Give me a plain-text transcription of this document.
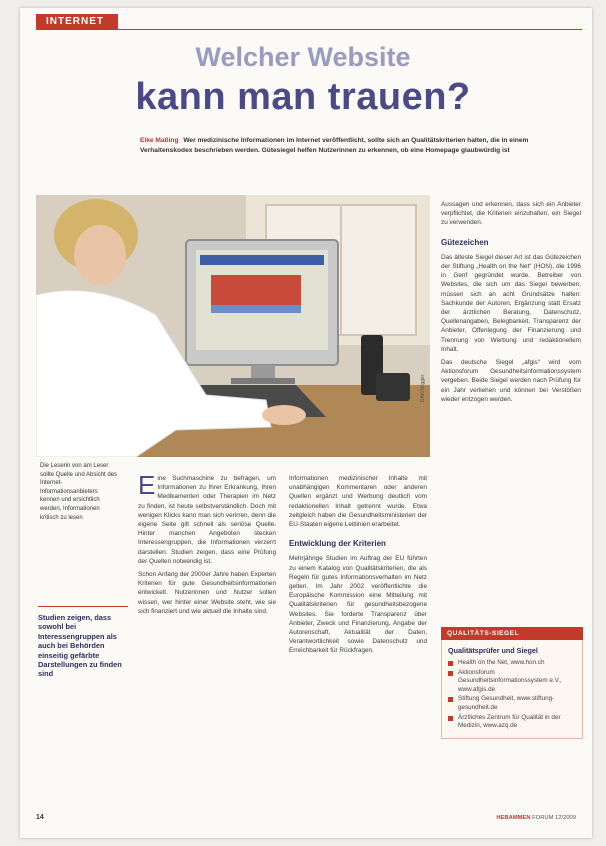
INTERNET
Welcher Website
kann man trauen?
Elke Maßing Wer medizinische Informationen im Internet veröffentlicht, sollte sich an Qualitätskriterien halten, die in einem Verhaltenskodex beschrieben werden. Gütesiegel helfen Nutzerinnen zu erkennen, ob eine Homepage glaubwürdig ist
DAK/Wigger
Die Leserin von am Leser sollte Quelle und Absicht des Internet-Informationsanbieters kennen und ersichtlich werden, Informationen kritisch zu lesen
Studien zeigen, dass sowohl bei Interessengruppen als auch bei Behörden einseitig gefärbte Darstellungen zu finden sind

E ine Suchmaschine zu befragen, um Informationen zu Ihrer Erkrankung, Ihren Medikamenten oder Therapien im Netz zu finden, ist heute selbstverständlich. Doch mit wenigen Klicks kann man sich verirren, denn die eigene Seite gilt schnell als seriöse Quelle. Hinter manchen Angeboten stecken Interessengruppen, die Informationen verzerrt darstellen. Studien zeigen, dass eine Prüfung der Quellen notwendig ist.

Schon Anfang der 2000er Jahre haben Experten Kriterien für gute Gesundheitsinformationen entwickelt. Nutzerinnen und Nutzer sollen wissen, wer hinter einer Website steht, wie sie sich finanziert und wie aktuell die Inhalte sind.

Informationen medizinischer Inhalte mit unabhängigen Kommentaren oder anderen Quellen ergänzt und Werbung deutlich vom redaktionellen Inhalt getrennt wurde. Etwa zeitgleich haben die Gesundheitsministerien der EU-Staaten eigene Leitlinien erarbeitet.

Entwicklung der Kriterien

Mehrjährige Studien im Auftrag der EU führten zu einem Katalog von Qualitätskriterien, die als Regeln für gutes Informationsverhalten im Netz gelten. Im Jahr 2002 veröffentlichte die Europäische Kommission eine Mitteilung mit Qualitätskriterien für gesundheitsbezogene Websites. Sie forderte Transparenz über Anbieter, Zweck und Finanzierung, Angabe der Autorenschaft, Aktualität der Daten, Verantwortlichkeit sowie Datenschutz und Erreichbarkeit für Rückfragen.

Aussagen und erkennen, dass sich ein Anbieter verpflichtet, die Kriterien einzuhalten, ein Siegel zu verwenden.

Gütezeichen

Das älteste Siegel dieser Art ist das Gütezeichen der Stiftung „Health on the Net“ (HON), die 1996 in Genf gegründet wurde. Betreiber von Websites, die sich um das Siegel bewerben, müssen sich an acht Grundsätze halten: Sachkunde der Autoren, Ergänzung statt Ersatz der ärztlichen Beratung, Datenschutz, Quellenangaben, Belegbarkeit, Transparenz der Anbieter, Offenlegung der Finanzierung und Trennung von Werbung und redaktionellem Inhalt.

Das deutsche Siegel „afgis“ wird vom Aktionsforum Gesundheitsinformationssystem vergeben. Beide Siegel werden nach Prüfung für ein Jahr verliehen und können bei Verstößen wieder entzogen werden.

QUALITÄTS-SIEGEL
Qualitätsprüfer und Siegel
Health on the Net, www.hon.ch
Aktionsforum Gesundheitsinformationssystem e.V., www.afgis.de
Stiftung Gesundheit, www.stiftung-gesundheit.de
Ärztliches Zentrum für Qualität in der Medizin, www.azq.de
14	HEBAMMEN FORUM 12/2009
